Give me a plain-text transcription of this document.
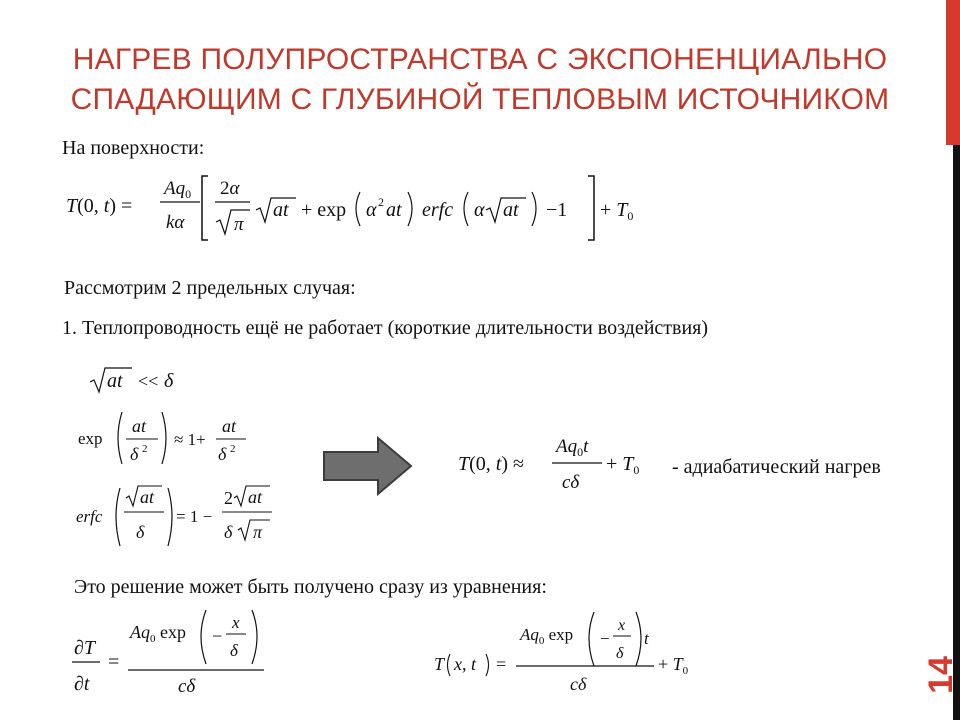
НАГРЕВ ПОЛУПРОСТРАНСТВА С ЭКСПОНЕНЦИАЛЬНО
СПАДАЮЩИМ С ГЛУБИНОЙ ТЕПЛОВЫМ ИСТОЧНИКОМ
На поверхности:
T(0, t) =
$Aq_0$
kα
2α
π
at + exp α 2 at erfc α at $-1 + T_0$
Рассмотрим 2 предельных случая:
1. Теплопроводность ещё не работает (короткие длительности воздействия)
at << δ
exp
at
δ 2 ≈ 1+
at
δ 2
erfc
at
δ
= 1 −
2 at
δ π
T(0, t) ≈
$Aq_0t$
cδ
+ $T_0$ - адиабатический нагрев
Это решение может быть получено сразу из уравнения:
∂T
∂t
=
$Aq_0$ exp −
x
δ
cδ
T x, t =
$Aq_0$ exp −
x
δ
t
cδ
+ $T_0$	14
